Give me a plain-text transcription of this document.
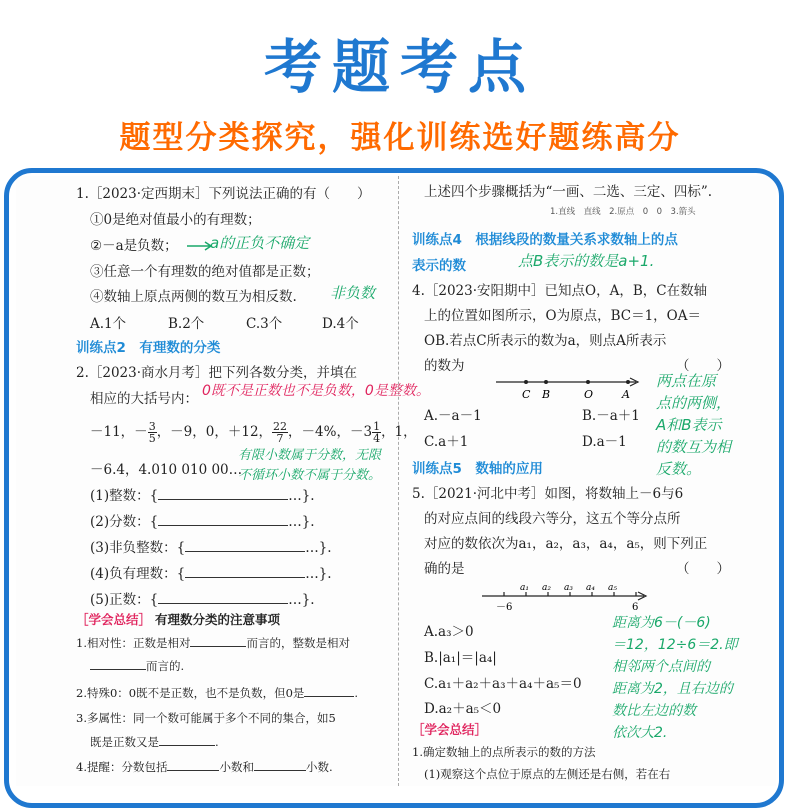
考题考点
题型分类探究，强化训练选好题练高分
1.［2023·定西期末］下列说法正确的有（　　）
①0是绝对值最小的有理数；
②－a是负数； a的正负不确定
③任意一个有理数的绝对值都是正数；
④数轴上原点两侧的数互为相反数. 非负数
A.1个	B.2个	C.3个	D.4个
训练点2　有理数的分类
2.［2023·商水月考］把下列各数分类，并填在
相应的大括号内： 0既不是正数也不是负数，0是整数。
－11，－ $\frac{3}{5}$ ，－9，0，＋12， $\frac{22}{7}$ ，－4%，$-3 \frac{1}{4}$ ，1，
－6.4，4.010 010 00…
有限小数属于分数，无限
不循环小数不属于分数。
(1)整数：{	…}.
(2)分数：{	…}.
(3)非负整数：{	…}.
(4)负有理数：{	…}.
(5)正数：{	…}.
［学会总结］ 有理数分类的注意事项
1.相对性：正数是相对	而言的，整数是相对
而言的.
2.特殊0：0既不是正数，也不是负数，但0是	.
3.多属性：同一个数可能属于多个不同的集合，如5
既是正数又是	.
4.提醒：分数包括	小数和	小数.
上述四个步骤概括为“一画、二选、三定、四标”.
1.直线　直线　2.原点　0　0　3.箭头
训练点4　根据线段的数量关系求数轴上的点
表示的数	点B表示的数是a+1.
4.［2023·安阳期中］已知点O，A，B，C在数轴
上的位置如图所示，O为原点，BC＝1，OA＝
OB.若点C所表示的数为a，则点A所表示
的数为	（　　）
C B	O	A
A.－a－1	B.－a＋1
C.a＋1	D.a－1
两点在原
点的两侧，
A和B表示
的数互为相
反数。
训练点5　数轴的应用
5.［2021·河北中考］如图，将数轴上－6与6
的对应点间的线段六等分，这五个等分点所
对应的数依次为a₁，a₂，a₃，a₄，a₅，则下列正
确的是	（　　）
a₁ a₂ a₃ a₄ a₅
－6	6
A.a₃＞0
B.|a₁|＝|a₄|
C.a₁＋a₂＋a₃＋a₄＋a₅＝0
D.a₂＋a₅＜0
距离为6－(－6)
＝12，12÷6＝2.即
相邻两个点间的
距离为2，且右边的
数比左边的数
依次大2.
［学会总结］
1.确定数轴上的点所表示的数的方法
(1)观察这个点位于原点的左侧还是右侧，若在右
